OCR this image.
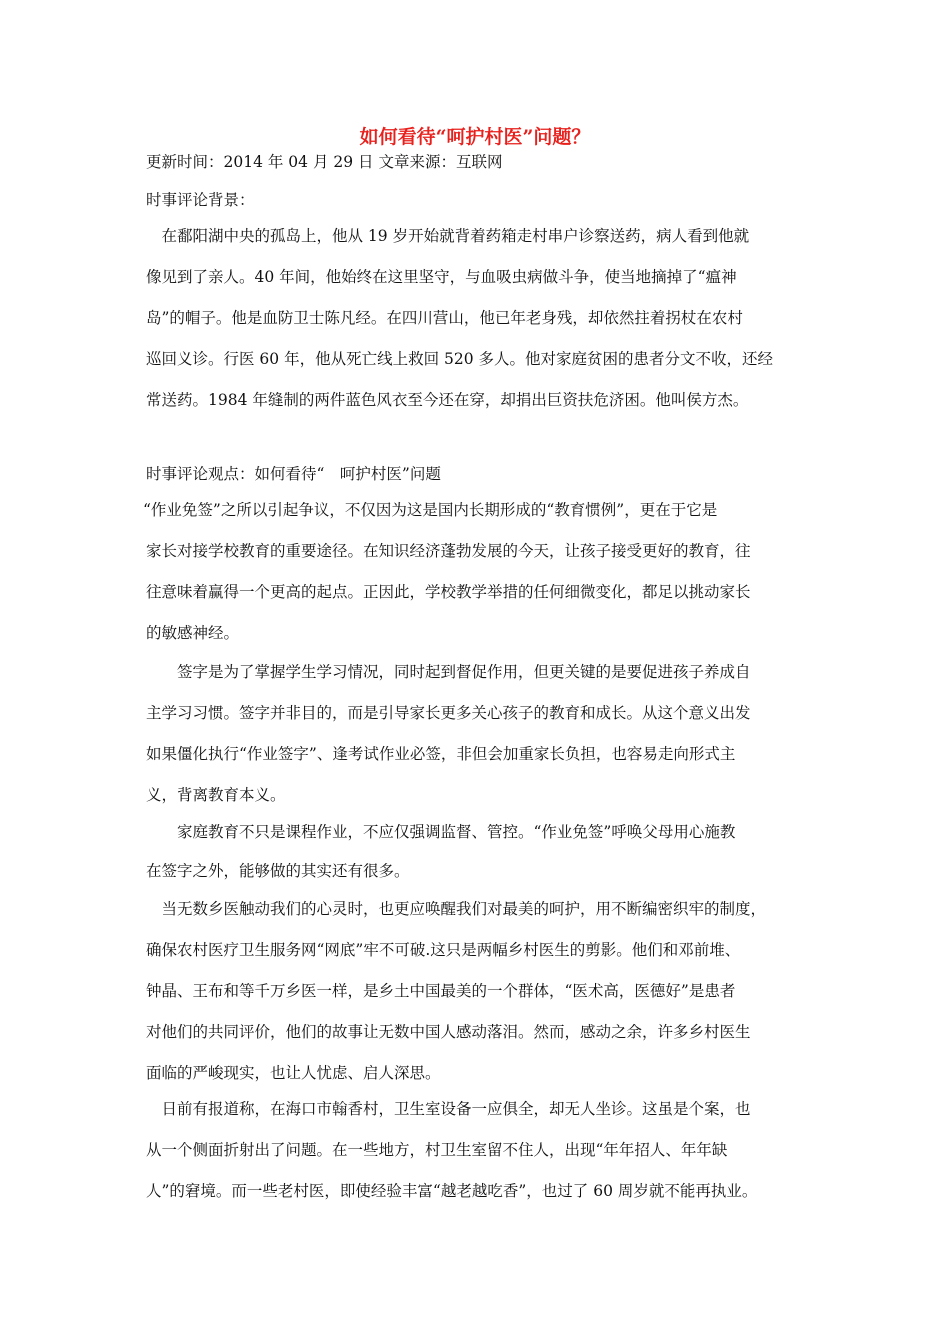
如何看待“呵护村医”问题？
更新时间：2014 年 04 月 29 日 文章来源：互联网
时事评论背景：
　在鄱阳湖中央的孤岛上，他从 19 岁开始就背着药箱走村串户诊察送药，病人看到他就
像见到了亲人。40 年间，他始终在这里坚守，与血吸虫病做斗争，使当地摘掉了“瘟神
岛”的帽子。他是血防卫士陈凡经。在四川营山，他已年老身残，却依然拄着拐杖在农村
巡回义诊。行医 60 年，他从死亡线上救回 520 多人。他对家庭贫困的患者分文不收，还经
常送药。1984 年缝制的两件蓝色风衣至今还在穿，却捐出巨资扶危济困。他叫侯方杰。
时事评论观点：如何看待“　呵护村医”问题
“作业免签”之所以引起争议，不仅因为这是国内长期形成的“教育惯例”，更在于它是
家长对接学校教育的重要途径。在知识经济蓬勃发展的今天，让孩子接受更好的教育，往
往意味着赢得一个更高的起点。正因此，学校教学举措的任何细微变化，都足以挑动家长
的敏感神经。
　　签字是为了掌握学生学习情况，同时起到督促作用，但更关键的是要促进孩子养成自
主学习习惯。签字并非目的，而是引导家长更多关心孩子的教育和成长。从这个意义出发
如果僵化执行“作业签字”、逢考试作业必签，非但会加重家长负担，也容易走向形式主
义，背离教育本义。
　　家庭教育不只是课程作业，不应仅强调监督、管控。“作业免签”呼唤父母用心施教
在签字之外，能够做的其实还有很多。
　当无数乡医触动我们的心灵时，也更应唤醒我们对最美的呵护，用不断编密织牢的制度，
确保农村医疗卫生服务网“网底”牢不可破.这只是两幅乡村医生的剪影。他们和邓前堆、
钟晶、王布和等千万乡医一样，是乡土中国最美的一个群体，“医术高，医德好”是患者
对他们的共同评价，他们的故事让无数中国人感动落泪。然而，感动之余，许多乡村医生
面临的严峻现实，也让人忧虑、启人深思。
　日前有报道称，在海口市翰香村，卫生室设备一应俱全，却无人坐诊。这虽是个案，也
从一个侧面折射出了问题。在一些地方，村卫生室留不住人，出现“年年招人、年年缺
人”的窘境。而一些老村医，即使经验丰富“越老越吃香”，也过了 60 周岁就不能再执业。
